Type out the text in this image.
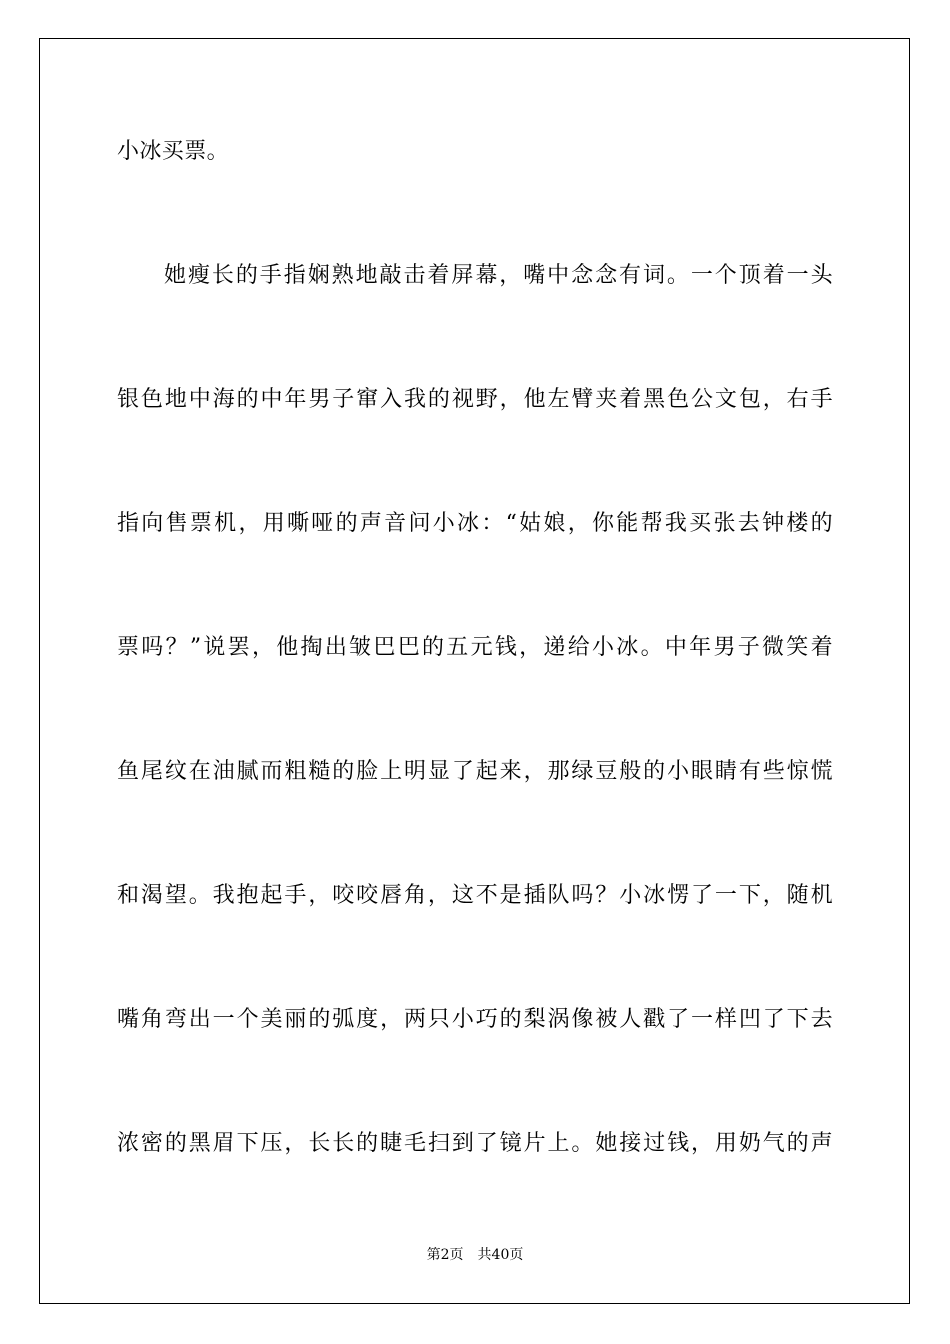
小冰买票。
她瘦长的手指娴熟地敲击着屏幕，嘴中念念有词。一个顶着一头
银色地中海的中年男子窜入我的视野，他左臂夹着黑色公文包，右手
指向售票机，用嘶哑的声音问小冰：“姑娘，你能帮我买张去钟楼的
票吗？”说罢，他掏出皱巴巴的五元钱，递给小冰。中年男子微笑着
鱼尾纹在油腻而粗糙的脸上明显了起来，那绿豆般的小眼睛有些惊慌
和渴望。我抱起手，咬咬唇角，这不是插队吗？小冰愣了一下，随机
嘴角弯出一个美丽的弧度，两只小巧的梨涡像被人戳了一样凹了下去
浓密的黑眉下压，长长的睫毛扫到了镜片上。她接过钱，用奶气的声
第2页 共40页
